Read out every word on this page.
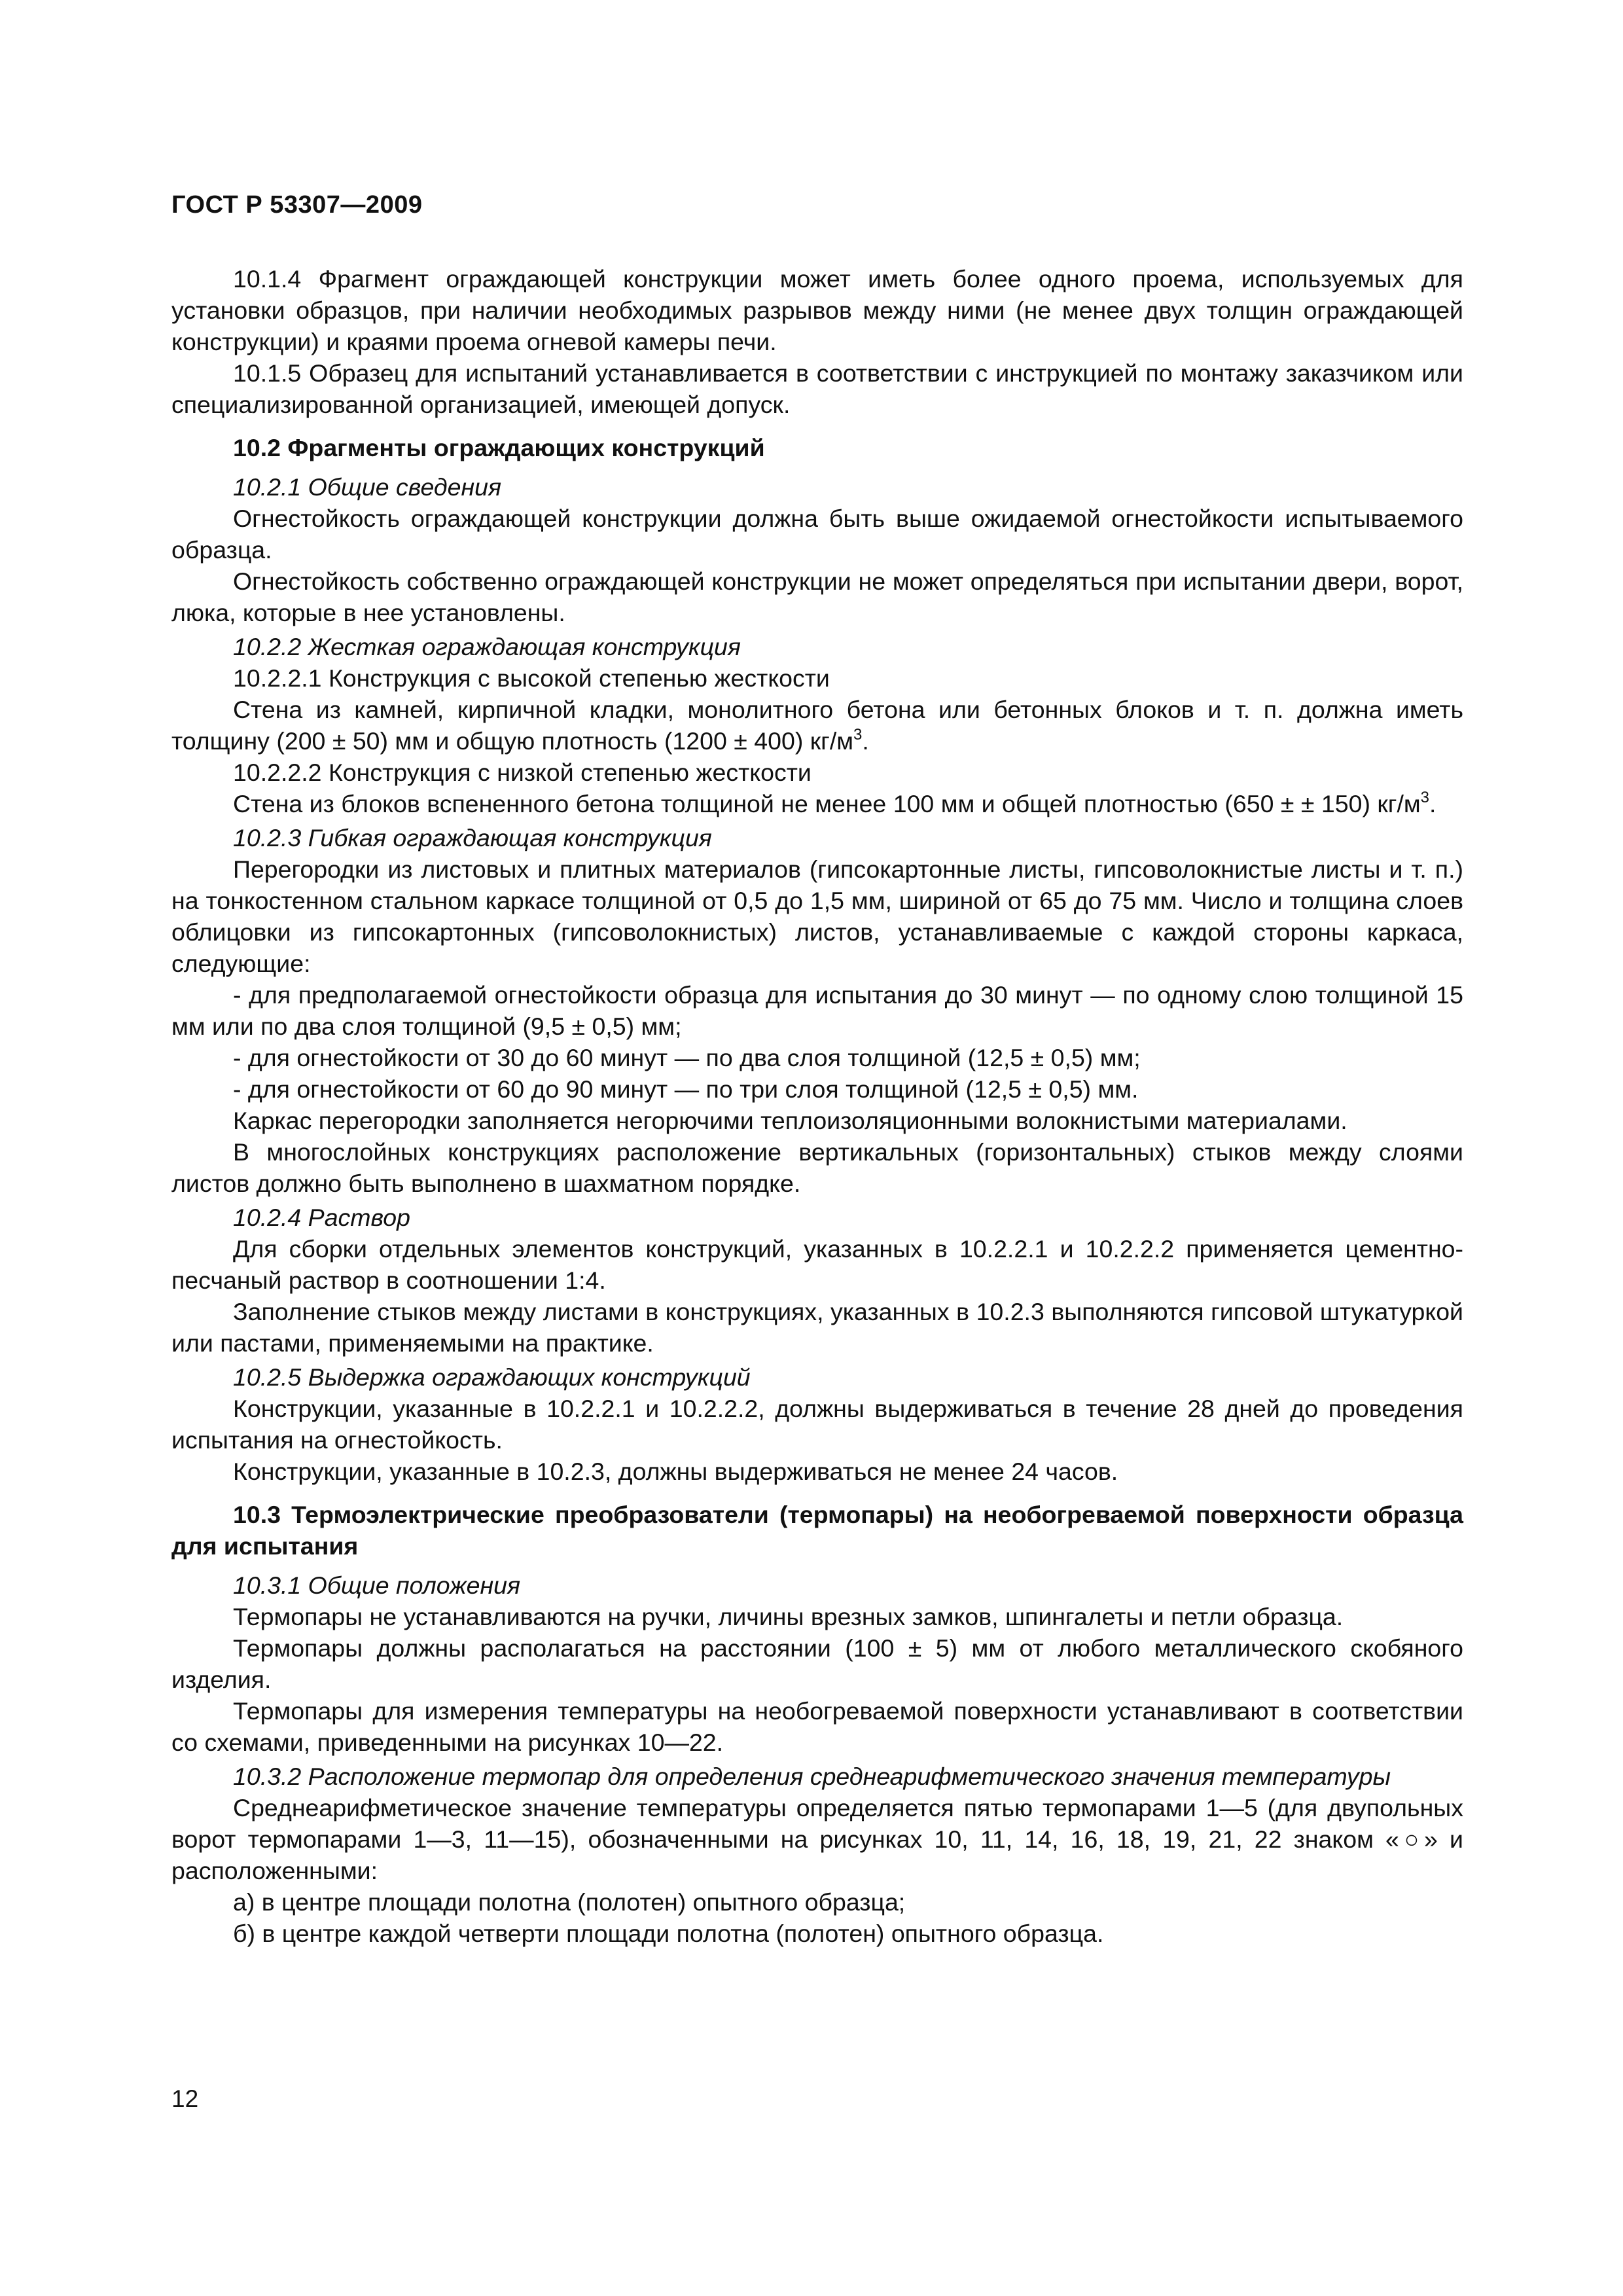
ГОСТ Р 53307—2009

10.1.4 Фрагмент ограждающей конструкции может иметь более одного проема, используемых для установки образцов, при наличии необходимых разрывов между ними (не менее двух толщин ограждающей конструкции) и краями проема огневой камеры печи.

10.1.5 Образец для испытаний устанавливается в соответствии с инструкцией по монтажу заказчиком или специализированной организацией, имеющей допуск.

10.2 Фрагменты ограждающих конструкций

10.2.1 Общие сведения

Огнестойкость ограждающей конструкции должна быть выше ожидаемой огнестойкости испытываемого образца.

Огнестойкость собственно ограждающей конструкции не может определяться при испытании двери, ворот, люка, которые в нее установлены.

10.2.2 Жесткая ограждающая конструкция

10.2.2.1 Конструкция с высокой степенью жесткости

Стена из камней, кирпичной кладки, монолитного бетона или бетонных блоков и т. п. должна иметь толщину (200 ± 50) мм и общую плотность (1200 ± 400) $кг/м^3$.

10.2.2.2 Конструкция с низкой степенью жесткости

Стена из блоков вспененного бетона толщиной не менее 100 мм и общей плотностью (650 ± ± 150) $кг/м^3$.

10.2.3 Гибкая ограждающая конструкция

Перегородки из листовых и плитных материалов (гипсокартонные листы, гипсоволокнистые листы и т. п.) на тонкостенном стальном каркасе толщиной от 0,5 до 1,5 мм, шириной от 65 до 75 мм. Число и толщина слоев облицовки из гипсокартонных (гипсоволокнистых) листов, устанавливаемые с каждой стороны каркаса, следующие:

- для предполагаемой огнестойкости образца для испытания до 30 минут — по одному слою толщиной 15 мм или по два слоя толщиной (9,5 ± 0,5) мм;

- для огнестойкости от 30 до 60 минут — по два слоя толщиной (12,5 ± 0,5) мм;

- для огнестойкости от 60 до 90 минут — по три слоя толщиной (12,5 ± 0,5) мм.

Каркас перегородки заполняется негорючими теплоизоляционными волокнистыми материалами.

В многослойных конструкциях расположение вертикальных (горизонтальных) стыков между слоями листов должно быть выполнено в шахматном порядке.

10.2.4 Раствор

Для сборки отдельных элементов конструкций, указанных в 10.2.2.1 и 10.2.2.2 применяется цементно-песчаный раствор в соотношении 1:4.

Заполнение стыков между листами в конструкциях, указанных в 10.2.3 выполняются гипсовой штукатуркой или пастами, применяемыми на практике.

10.2.5 Выдержка ограждающих конструкций

Конструкции, указанные в 10.2.2.1 и 10.2.2.2, должны выдерживаться в течение 28 дней до проведения испытания на огнестойкость.

Конструкции, указанные в 10.2.3, должны выдерживаться не менее 24 часов.

10.3 Термоэлектрические преобразователи (термопары) на необогреваемой поверхности образца для испытания

10.3.1 Общие положения

Термопары не устанавливаются на ручки, личины врезных замков, шпингалеты и петли образца.

Термопары должны располагаться на расстоянии (100 ± 5) мм от любого металлического скобяного изделия.

Термопары для измерения температуры на необогреваемой поверхности устанавливают в соответствии со схемами, приведенными на рисунках 10—22.

10.3.2 Расположение термопар для определения среднеарифметического значения температуры

Среднеарифметическое значение температуры определяется пятью термопарами 1—5 (для двупольных ворот термопарами 1—3, 11—15), обозначенными на рисунках 10, 11, 14, 16, 18, 19, 21, 22 знаком «○» и расположенными:

а) в центре площади полотна (полотен) опытного образца;

б) в центре каждой четверти площади полотна (полотен) опытного образца.

12
